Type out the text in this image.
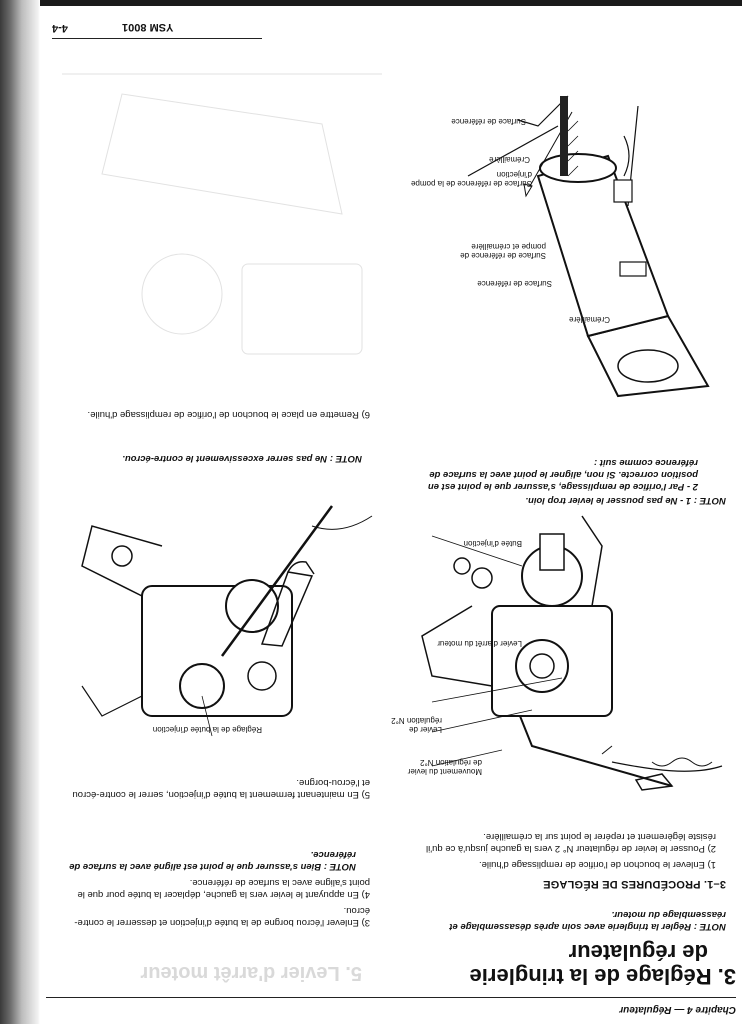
Chapitre 4 — Régulateur
3.Réglage de la tringlerie
de régulateur
5. Levier d'arrêt moteur
NOTE : Régler la tringlerie avec soin après désassemblage et réassemblage du moteur.
3–1. PROCÉDURES DE RÉGLAGE
1) Enlever le bouchon de l'orifice de remplissage d'huile.
2) Pousser le levier de régulateur N° 2 vers la gauche jusqu'à ce qu'il résiste légèrement et repérer le point sur la crémaillère.
3) Enlever l'écrou borgne de la butée d'injection et desserrer le contre-écrou.
4) En appuyant le levier vers la gauche, déplacer la butée pour que le point s'aligne avec la surface de référence.
NOTE : Bien s'assurer que le point est aligné avec la surface de référence.
5) En maintenant fermement la butée d'injection, serrer le contre-écrou et l'écrou-borgne.
Mouvement du levier de régulation N°2
Levier de régulation N°2
Levier d'arrêt du moteur
Butée d'injection
Réglage de la butée d'injection
NOTE : 1 - Ne pas pousser le levier trop loin.
2 - Par l'orifice de remplissage, s'assurer que le point est en position correcte. Si non, aligner le point avec la surface de référence comme suit :
NOTE : Ne pas serrer excessivement le contre-écrou.
6) Remettre en place le bouchon de l'orifice de remplissage d'huile.
Crémaillère
Surface de référence
Surface de référence de pompe et crémaillère
Surface de référence de la pompe d'injection
Crémaillère
Surface de référence
YSM 8001
4-4
